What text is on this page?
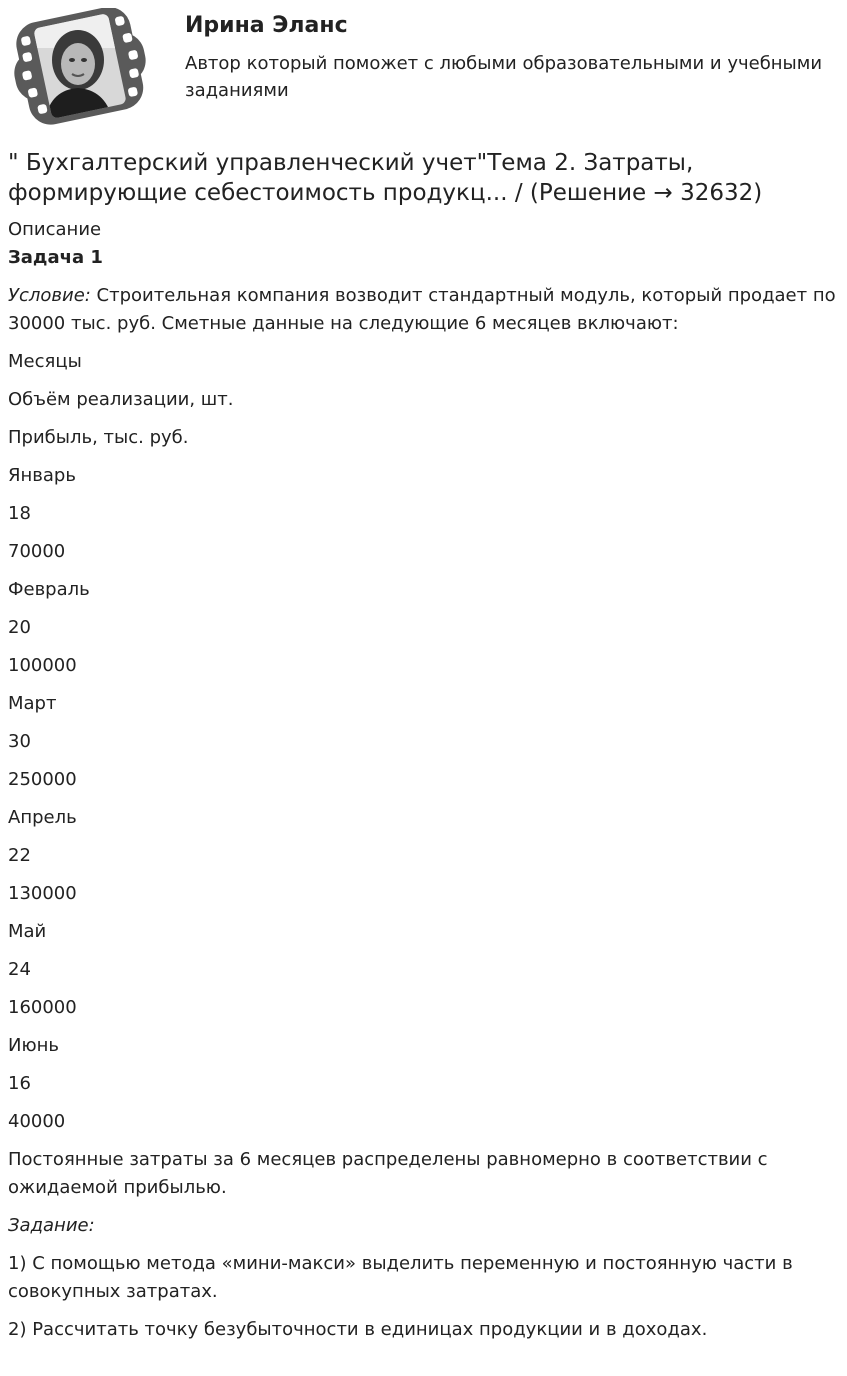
Ирина Эланс
Автор который поможет с любыми образовательными и учебными заданиями
" Бухгалтерский управленческий учет"Тема 2. Затраты, формирующие себестоимость продукц... / (Решение → 32632)
Описание
Задача 1
Условие: Строительная компания возводит стандартный модуль, который продает по 30000 тыс. руб. Сметные данные на следующие 6 месяцев включают:
Месяцы
Объём реализации, шт.
Прибыль, тыс. руб.
Январь
18
70000
Февраль
20
100000
Март
30
250000
Апрель
22
130000
Май
24
160000
Июнь
16
40000
Постоянные затраты за 6 месяцев распределены равномерно в соответствии с ожидаемой прибылью.
Задание:
1) С помощью метода «мини-макси» выделить переменную и постоянную части в совокупных затратах.
2) Рассчитать точку безубыточности в единицах продукции и в доходах.
